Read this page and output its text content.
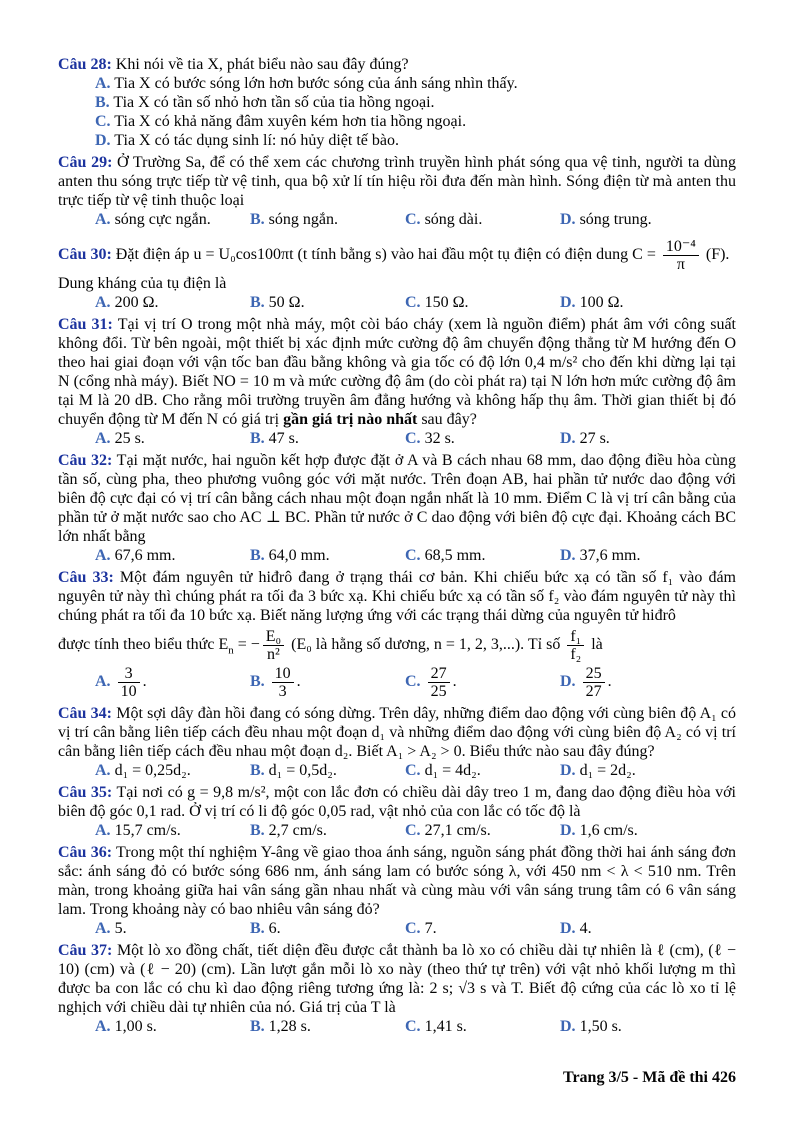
Câu 28: Khi nói về tia X, phát biểu nào sau đây đúng?

A. Tia X có bước sóng lớn hơn bước sóng của ánh sáng nhìn thấy.
B. Tia X có tần số nhỏ hơn tần số của tia hồng ngoại.
C. Tia X có khả năng đâm xuyên kém hơn tia hồng ngoại.
D. Tia X có tác dụng sinh lí: nó hủy diệt tế bào.

Câu 29: Ở Trường Sa, để có thể xem các chương trình truyền hình phát sóng qua vệ tinh, người ta dùng anten thu sóng trực tiếp từ vệ tinh, qua bộ xử lí tín hiệu rồi đưa đến màn hình. Sóng điện từ mà anten thu trực tiếp từ vệ tinh thuộc loại

A. sóng cực ngắn.	B. sóng ngắn.	C. sóng dài.	D. sóng trung.

Câu 30: Đặt điện áp u = U₀cos100πt (t tính bằng s) vào hai đầu một tụ điện có điện dung $C = \frac{\text{10⁻⁴}}{\pi} (F)$.

Dung kháng của tụ điện là

A. 200 Ω.	B. 50 Ω.	C. 150 Ω.	D. 100 Ω.

Câu 31: Tại vị trí O trong một nhà máy, một còi báo cháy (xem là nguồn điểm) phát âm với công suất không đổi. Từ bên ngoài, một thiết bị xác định mức cường độ âm chuyển động thẳng từ M hướng đến O theo hai giai đoạn với vận tốc ban đầu bằng không và gia tốc có độ lớn 0,4 m/s² cho đến khi dừng lại tại N (cổng nhà máy). Biết NO = 10 m và mức cường độ âm (do còi phát ra) tại N lớn hơn mức cường độ âm tại M là 20 dB. Cho rằng môi trường truyền âm đẳng hướng và không hấp thụ âm. Thời gian thiết bị đó chuyển động từ M đến N có giá trị gần giá trị nào nhất sau đây?

A. 25 s.	B. 47 s.	C. 32 s.	D. 27 s.

Câu 32: Tại mặt nước, hai nguồn kết hợp được đặt ở A và B cách nhau 68 mm, dao động điều hòa cùng tần số, cùng pha, theo phương vuông góc với mặt nước. Trên đoạn AB, hai phần tử nước dao động với biên độ cực đại có vị trí cân bằng cách nhau một đoạn ngắn nhất là 10 mm. Điểm C là vị trí cân bằng của phần tử ở mặt nước sao cho AC ⊥ BC. Phần tử nước ở C dao động với biên độ cực đại. Khoảng cách BC lớn nhất bằng

A. 67,6 mm.	B. 64,0 mm.	C. 68,5 mm.	D. 37,6 mm.

Câu 33: Một đám nguyên tử hiđrô đang ở trạng thái cơ bản. Khi chiếu bức xạ có tần số f₁ vào đám nguyên tử này thì chúng phát ra tối đa 3 bức xạ. Khi chiếu bức xạ có tần số f₂ vào đám nguyên tử này thì chúng phát ra tối đa 10 bức xạ. Biết năng lượng ứng với các trạng thái dừng của nguyên tử hiđrô

được tính theo biểu thức $E_n$ = − $\frac{\text{E₀}}{\text{n²}} (E_0$ là hằng số dương, n = 1, 2, 3,...). Tỉ số $\frac{\text{f₁}}{\text{f₂}}$ là

A. $\frac{3}{10}$ .	B. $\frac{10}{3}$ .	C. $\frac{27}{25}$ .	D. $\frac{25}{27}$ .

Câu 34: Một sợi dây đàn hồi đang có sóng dừng. Trên dây, những điểm dao động với cùng biên độ A₁ có vị trí cân bằng liên tiếp cách đều nhau một đoạn d₁ và những điểm dao động với cùng biên độ A₂ có vị trí cân bằng liên tiếp cách đều nhau một đoạn d₂. Biết A₁ > A₂ > 0. Biểu thức nào sau đây đúng?

A. d₁ = 0,25d₂.	B. d₁ = 0,5d₂.	C. d₁ = 4d₂.	D. d₁ = 2d₂.

Câu 35: Tại nơi có g = 9,8 m/s², một con lắc đơn có chiều dài dây treo 1 m, đang dao động điều hòa với biên độ góc 0,1 rad. Ở vị trí có li độ góc 0,05 rad, vật nhỏ của con lắc có tốc độ là

A. 15,7 cm/s.	B. 2,7 cm/s.	C. 27,1 cm/s.	D. 1,6 cm/s.

Câu 36: Trong một thí nghiệm Y-âng về giao thoa ánh sáng, nguồn sáng phát đồng thời hai ánh sáng đơn sắc: ánh sáng đỏ có bước sóng 686 nm, ánh sáng lam có bước sóng λ, với 450 nm < λ < 510 nm. Trên màn, trong khoảng giữa hai vân sáng gần nhau nhất và cùng màu với vân sáng trung tâm có 6 vân sáng lam. Trong khoảng này có bao nhiêu vân sáng đỏ?

A. 5.	B. 6.	C. 7.	D. 4.

Câu 37: Một lò xo đồng chất, tiết diện đều được cắt thành ba lò xo có chiều dài tự nhiên là ℓ (cm), (ℓ − 10) (cm) và (ℓ − 20) (cm). Lần lượt gắn mỗi lò xo này (theo thứ tự trên) với vật nhỏ khối lượng m thì được ba con lắc có chu kì dao động riêng tương ứng là: 2 s; √3 s và T. Biết độ cứng của các lò xo tỉ lệ nghịch với chiều dài tự nhiên của nó. Giá trị của T là

A. 1,00 s.	B. 1,28 s.	C. 1,41 s.	D. 1,50 s.
Trang 3/5 - Mã đề thi 426
